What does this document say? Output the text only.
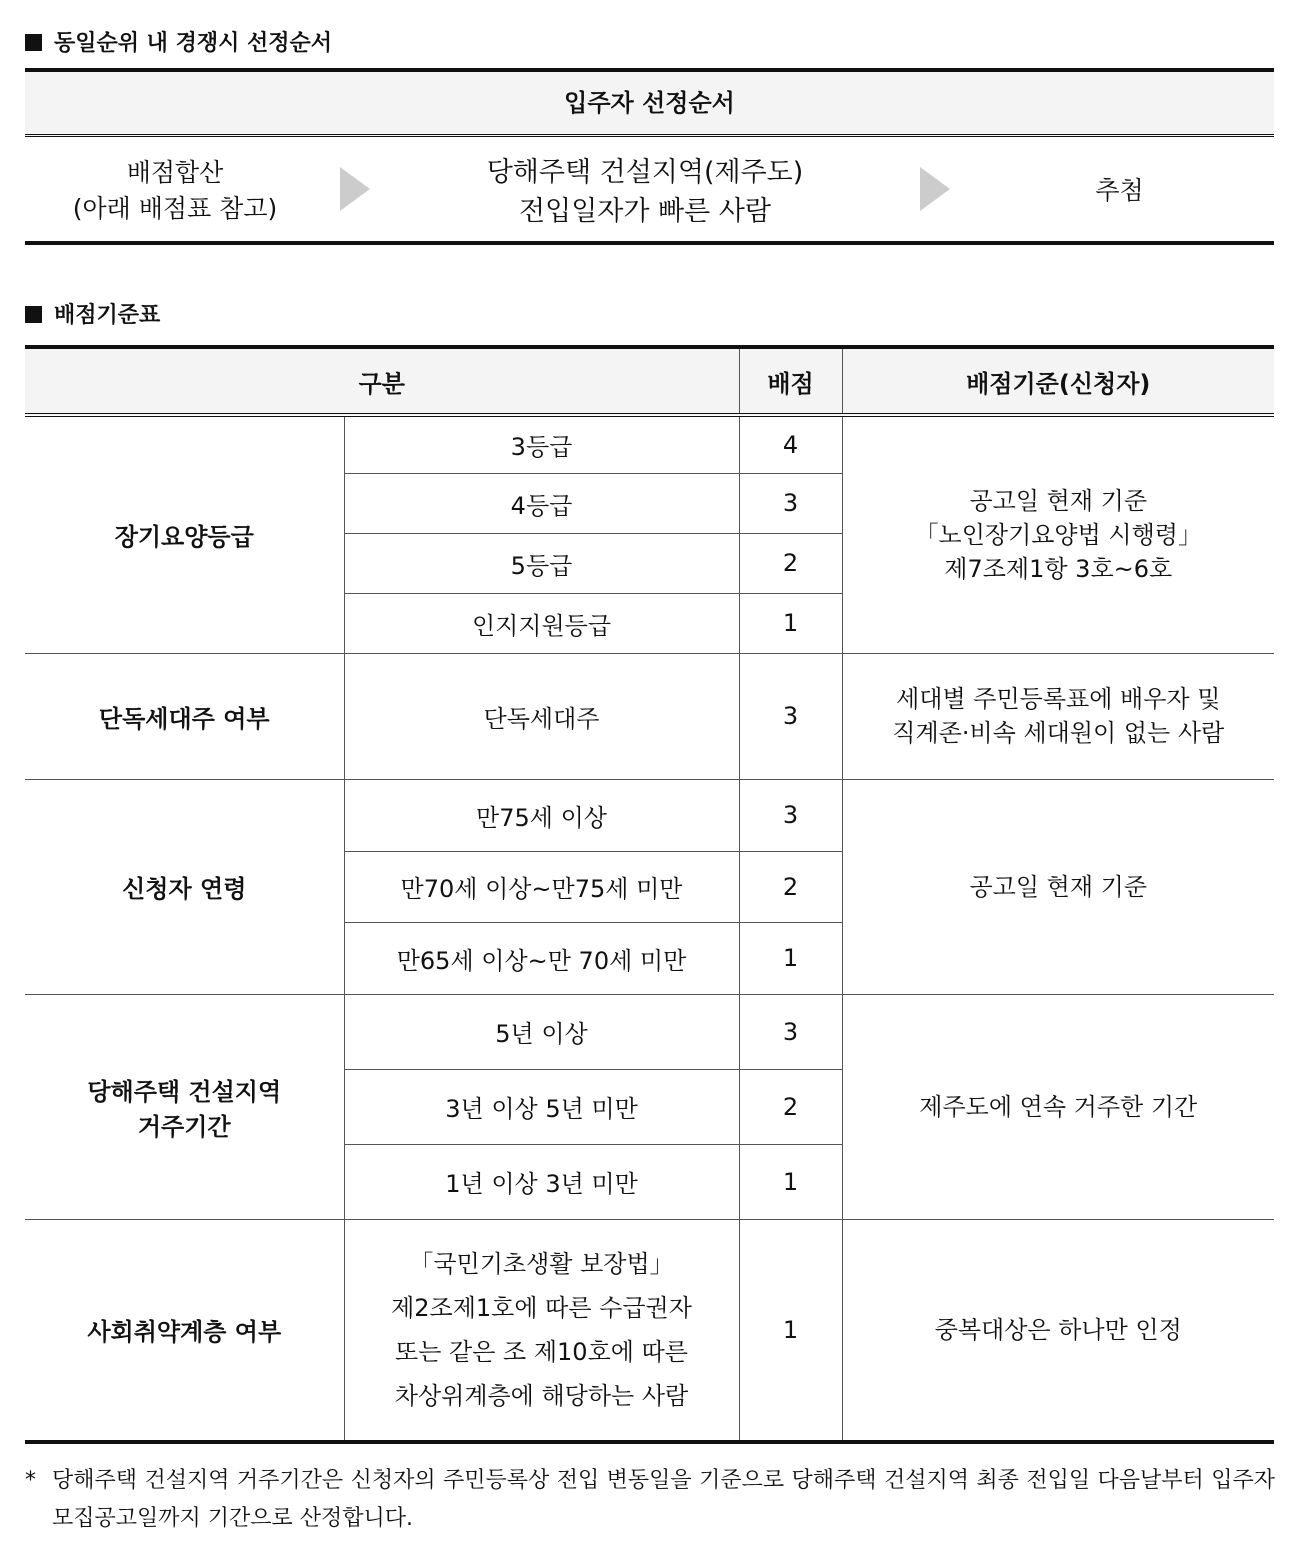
동일순위 내 경쟁시 선정순서
입주자 선정순서
배점합산
(아래 배점표 참고)
당해주택 건설지역(제주도)
전입일자가 빠른 사람
추첨
배점기준표
구분		배점	배점기준(신청자)
장기요양등급	3등급	4	공고일 현재 기준
「노인장기요양법 시행령」
제7조제1항 3호~6호
	4등급	3	
	5등급	2	
	인지지원등급	1	
단독세대주 여부	단독세대주	3	세대별 주민등록표에 배우자 및
직계존·비속 세대원이 없는 사람
신청자 연령	만75세 이상	3	공고일 현재 기준
	만70세 이상~만75세 미만	2	
	만65세 이상~만 70세 미만	1	
당해주택 건설지역
거주기간	5년 이상	3	제주도에 연속 거주한 기간
	3년 이상 5년 미만	2	
	1년 이상 3년 미만	1	
사회취약계층 여부	「국민기초생활 보장법」
제2조제1호에 따른 수급권자
또는 같은 조 제10호에 따른
차상위계층에 해당하는 사람	1	중복대상은 하나만 인정
* 당해주택 건설지역 거주기간은 신청자의 주민등록상 전입 변동일을 기준으로 당해주택 건설지역 최종 전입일 다음날부터 입주자 모집공고일까지 기간으로 산정합니다.
